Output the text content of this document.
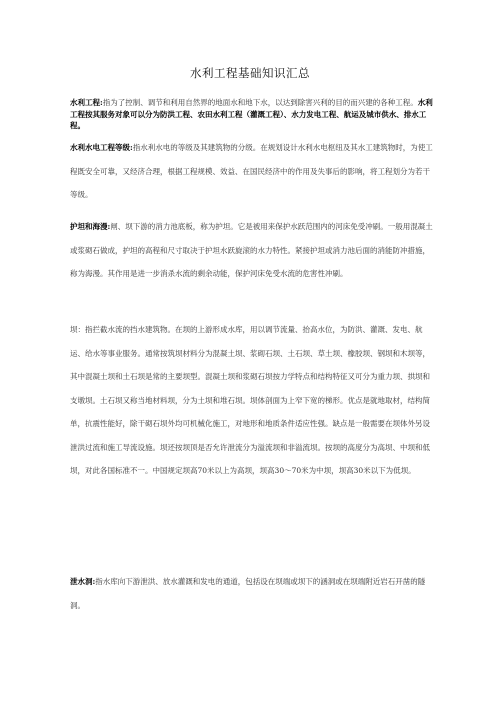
水利工程基础知识汇总

水利工程:指为了控制、调节和利用自然界的地面水和地下水，以达到除害兴利的目的而兴建的各种工程。水利工程按其服务对象可以分为防洪工程、农田水利工程（灌溉工程）、水力发电工程、航运及城市供水、排水工程。

水利水电工程等级:指水利水电的等级及其建筑物的分级。在规划设计水利水电枢纽及其水工建筑物时，为使工程既安全可靠，又经济合理，根据工程规模、效益、在国民经济中的作用及失事后的影响，将工程划分为若干等级。

护坦和海漫:闸、坝下游的消力池底板，称为护坦。它是被用来保护水跃范围内的河床免受冲刷。一般用混凝土或浆砌石做成，护坦的高程和尺寸取决于护坦水跃旋滚的水力特性。紧接护坦或消力池后面的消能防冲措施，称为海漫。其作用是进一步消杀水流的剩余动能，保护河床免受水流的危害性冲刷。

坝：指拦截水流的挡水建筑物。在坝的上游形成水库，用以调节流量、抬高水位，为防洪、灌溉、发电、航运、给水等事业服务。通常按筑坝材料分为混凝土坝、浆砌石坝、土石坝、草土坝、橡胶坝、钢坝和木坝等，其中混凝土坝和土石坝是常的主要坝型。混凝土坝和浆砌石坝按力学特点和结构特征又可分为重力坝、拱坝和支墩坝。土石坝又称当地材料坝，分为土坝和堆石坝。坝体剖面为上窄下宽的梯形。优点是就地取材，结构简单，抗震性能好，除干砌石坝外均可机械化施工，对地形和地质条件适应性强。缺点是一般需要在坝体外另设泄洪过流和施工导流设施。坝还按坝顶是否允许泄流分为溢流坝和非溢流坝。按坝的高度分为高坝、中坝和低坝，对此各国标准不一。中国规定坝高70米以上为高坝，坝高30～70米为中坝，坝高30米以下为低坝。

泄水洞:指水库向下游泄洪、放水灌溉和发电的通道，包括设在坝端或坝下的涵洞或在坝端附近岩石开凿的隧洞。
